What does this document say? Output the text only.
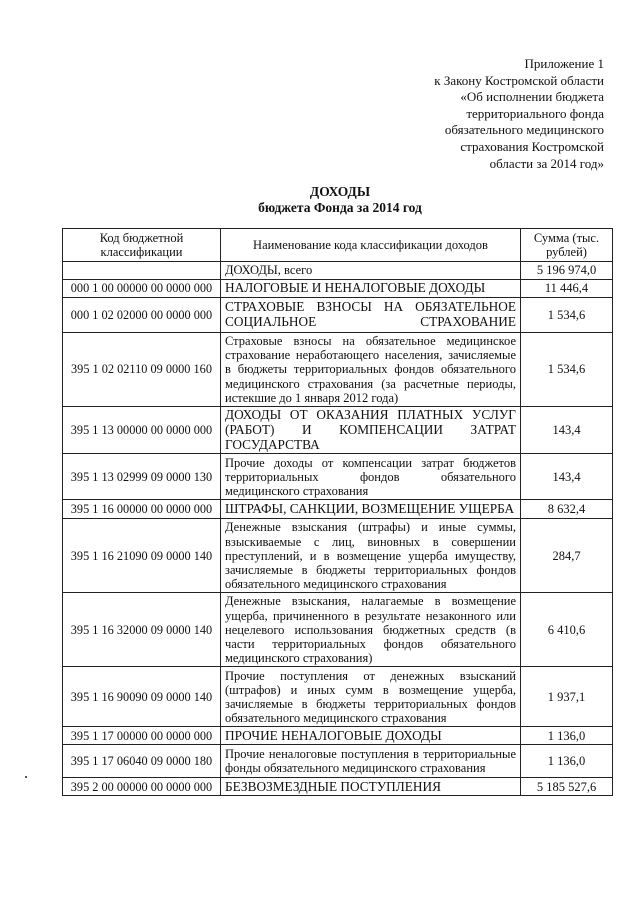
Приложение 1
к Закону Костромской области
«Об исполнении бюджета
территориального фонда
обязательного медицинского
страхования Костромской
области за 2014 год»
ДОХОДЫ
бюджета Фонда за 2014 год
Код бюджетной классификации	Наименование кода классификации доходов	Сумма (тыс. рублей)
	ДОХОДЫ, всего	5 196 974,0
000 1 00 00000 00 0000 000	НАЛОГОВЫЕ И НЕНАЛОГОВЫЕ ДОХОДЫ	11 446,4
000 1 02 02000 00 0000 000	СТРАХОВЫЕ ВЗНОСЫ НА ОБЯЗАТЕЛЬНОЕ СОЦИАЛЬНОЕ СТРАХОВАНИЕ	1 534,6
395 1 02 02110 09 0000 160	Страховые взносы на обязательное медицинское страхование неработающего населения, зачисляемые в бюджеты территориальных фондов обязательного медицинского страхования (за расчетные периоды, истекшие до 1 января 2012 года)	1 534,6
395 1 13 00000 00 0000 000	ДОХОДЫ ОТ ОКАЗАНИЯ ПЛАТНЫХ УСЛУГ (РАБОТ) И КОМПЕНСАЦИИ ЗАТРАТ ГОСУДАРСТВА	143,4
395 1 13 02999 09 0000 130	Прочие доходы от компенсации затрат бюджетов территориальных фондов обязательного медицинского страхования	143,4
395 1 16 00000 00 0000 000	ШТРАФЫ, САНКЦИИ, ВОЗМЕЩЕНИЕ УЩЕРБА	8 632,4
395 1 16 21090 09 0000 140	Денежные взыскания (штрафы) и иные суммы, взыскиваемые с лиц, виновных в совершении преступлений, и в возмещение ущерба имуществу, зачисляемые в бюджеты территориальных фондов обязательного медицинского страхования	284,7
395 1 16 32000 09 0000 140	Денежные взыскания, налагаемые в возмещение ущерба, причиненного в результате незаконного или нецелевого использования бюджетных средств (в части территориальных фондов обязательного медицинского страхования)	6 410,6
395 1 16 90090 09 0000 140	Прочие поступления от денежных взысканий (штрафов) и иных сумм в возмещение ущерба, зачисляемые в бюджеты территориальных фондов обязательного медицинского страхования	1 937,1
395 1 17 00000 00 0000 000	ПРОЧИЕ НЕНАЛОГОВЫЕ ДОХОДЫ	1 136,0
395 1 17 06040 09 0000 180	Прочие неналоговые поступления в территориальные фонды обязательного медицинского страхования	1 136,0
395 2 00 00000 00 0000 000	БЕЗВОЗМЕЗДНЫЕ ПОСТУПЛЕНИЯ	5 185 527,6
